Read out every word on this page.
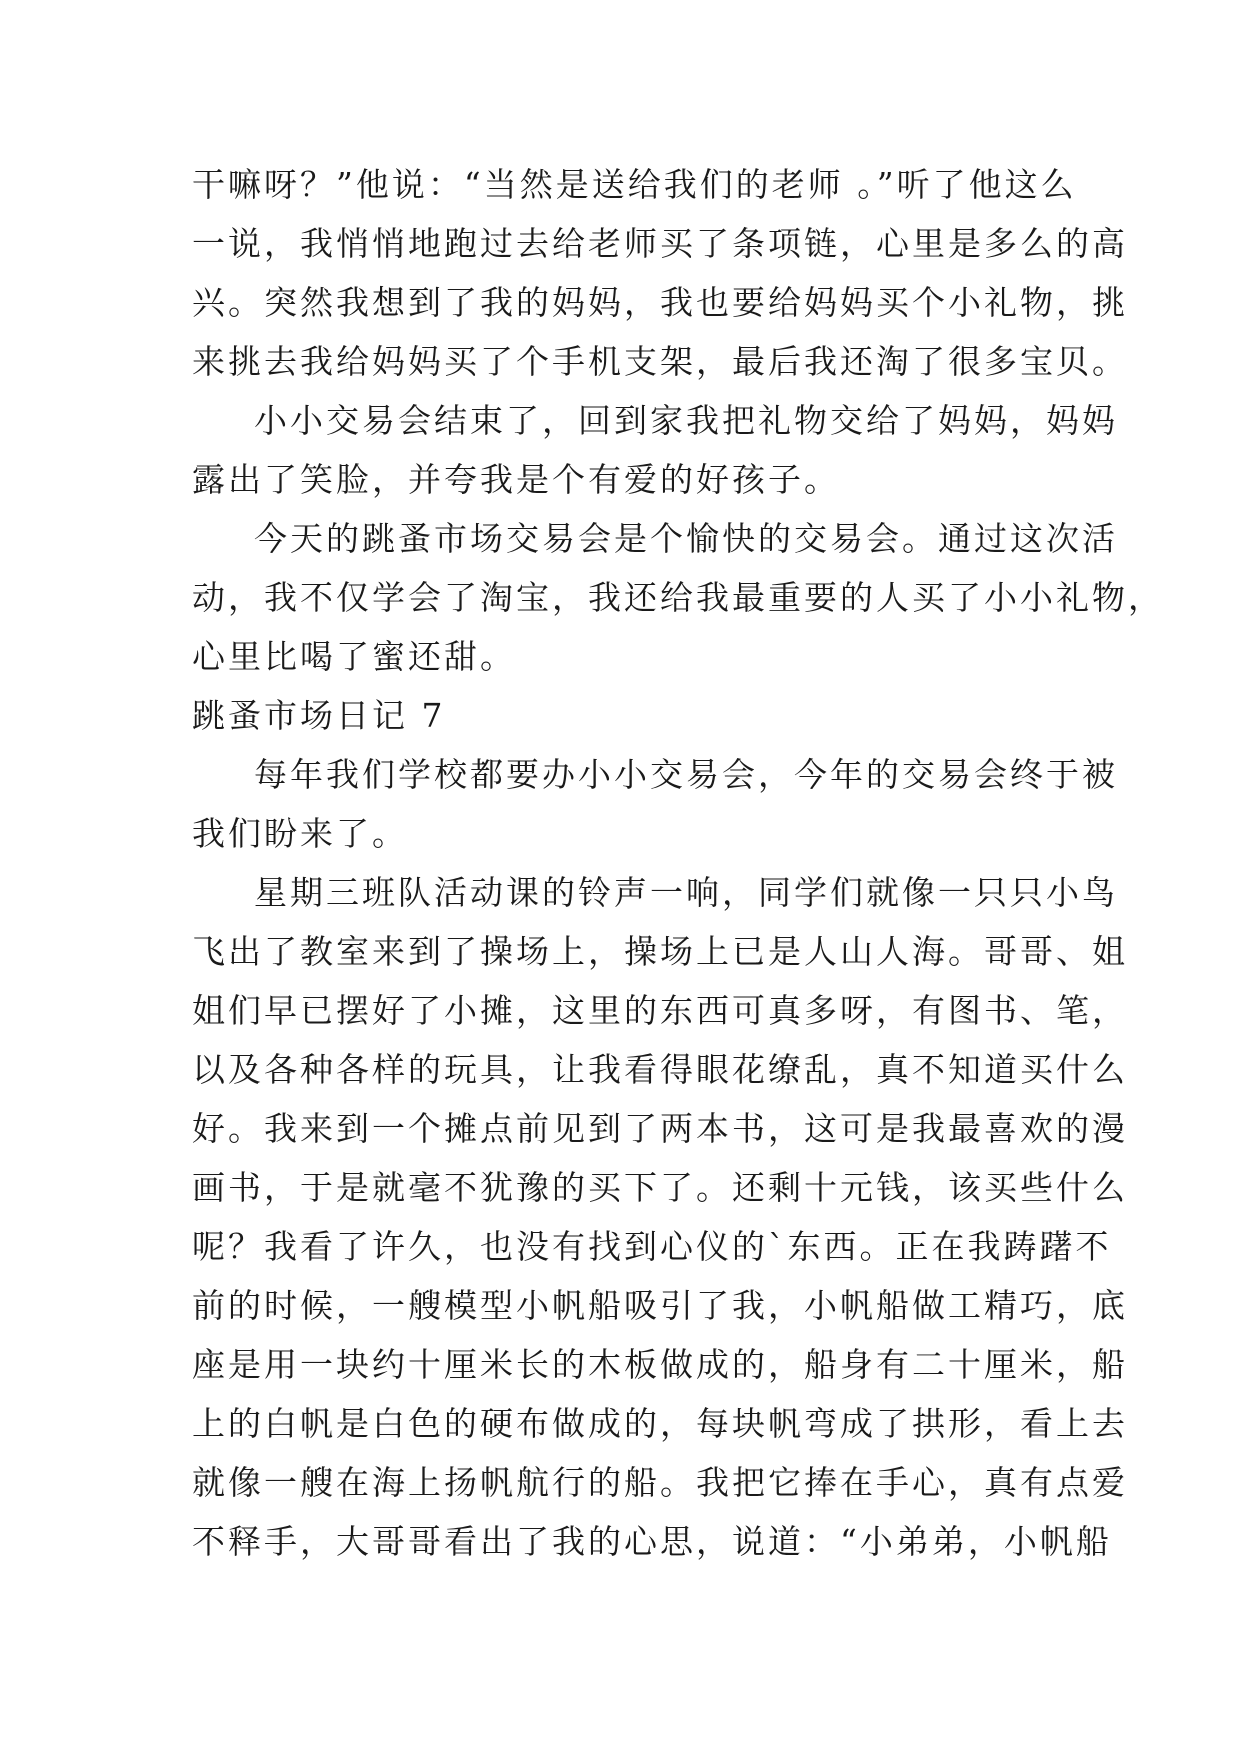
干嘛呀？”他说：“当然是送给我们的老师 。”听了他这么
一说，我悄悄地跑过去给老师买了条项链，心里是多么的高
兴。突然我想到了我的妈妈，我也要给妈妈买个小礼物，挑
来挑去我给妈妈买了个手机支架，最后我还淘了很多宝贝。
小小交易会结束了，回到家我把礼物交给了妈妈，妈妈
露出了笑脸，并夸我是个有爱的好孩子。
今天的跳蚤市场交易会是个愉快的交易会。通过这次活
动，我不仅学会了淘宝，我还给我最重要的人买了小小礼物，
心里比喝了蜜还甜。
跳蚤市场日记 7
每年我们学校都要办小小交易会，今年的交易会终于被
我们盼来了。
星期三班队活动课的铃声一响，同学们就像一只只小鸟
飞出了教室来到了操场上，操场上已是人山人海。哥哥、姐
姐们早已摆好了小摊，这里的东西可真多呀，有图书、笔，
以及各种各样的玩具，让我看得眼花缭乱，真不知道买什么
好。我来到一个摊点前见到了两本书，这可是我最喜欢的漫
画书，于是就毫不犹豫的买下了。还剩十元钱，该买些什么
呢？我看了许久，也没有找到心仪的`东西。正在我踌躇不
前的时候，一艘模型小帆船吸引了我，小帆船做工精巧，底
座是用一块约十厘米长的木板做成的，船身有二十厘米，船
上的白帆是白色的硬布做成的，每块帆弯成了拱形，看上去
就像一艘在海上扬帆航行的船。我把它捧在手心，真有点爱
不释手，大哥哥看出了我的心思，说道：“小弟弟，小帆船
